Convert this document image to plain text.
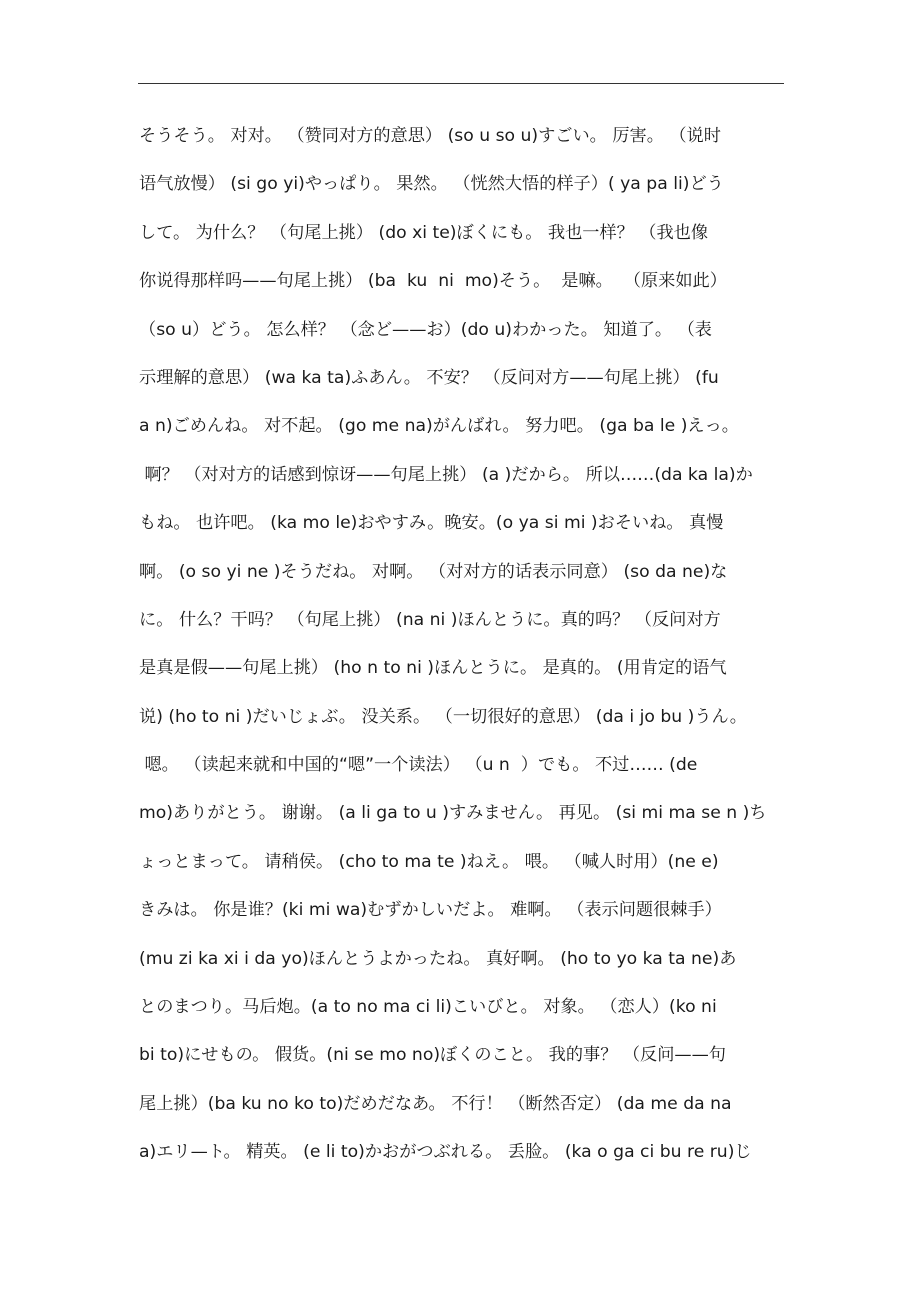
そうそう。 对对。 （赞同对方的意思） (so u so u)すごい。 厉害。 （说时
语气放慢） (si go yi)やっぱり。 果然。 （恍然大悟的样子）( ya pa li)どう
して。 为什么？ （句尾上挑） (do xi te)ぼくにも。 我也一样？ （我也像
你说得那样吗——句尾上挑） (ba  ku  ni  mo)そう。  是嘛。  （原来如此）
（so u）どう。 怎么样？ （念ど——お）(do u)わかった。 知道了。 （表
示理解的意思） (wa ka ta)ふあん。 不安？ （反问对方——句尾上挑） (fu
a n)ごめんね。 对不起。 (go me na)がんばれ。 努力吧。 (ga ba le )えっ。
啊？ （对对方的话感到惊讶——句尾上挑） (a )だから。 所以……(da ka la)か
もね。 也许吧。 (ka mo le)おやすみ。晚安。(o ya si mi )おそいね。 真慢
啊。 (o so yi ne )そうだね。 对啊。 （对对方的话表示同意） (so da ne)な
に。 什么？干吗？ （句尾上挑） (na ni )ほんとうに。真的吗？ （反问对方
是真是假——句尾上挑） (ho n to ni )ほんとうに。 是真的。 (用肯定的语气
说) (ho to ni )だいじょぶ。 没关系。 （一切很好的意思） (da i jo bu )うん。
嗯。 （读起来就和中国的“嗯”一个读法） （u n  ）でも。 不过…… (de
mo)ありがとう。 谢谢。 (a li ga to u )すみません。 再见。 (si mi ma se n )ち
ょっとまって。 请稍侯。 (cho to ma te )ねえ。 喂。 （喊人时用）(ne e)
きみは。 你是谁？(ki mi wa)むずかしいだよ。 难啊。 （表示问题很棘手）
(mu zi ka xi i da yo)ほんとうよかったね。 真好啊。 (ho to yo ka ta ne)あ
とのまつり。马后炮。(a to no ma ci li)こいびと。 对象。 （恋人）(ko ni
bi to)にせもの。 假货。(ni se mo no)ぼくのこと。 我的事？ （反问——句
尾上挑）(ba ku no ko to)だめだなあ。 不行！ （断然否定） (da me da na
a)エリ—ト。 精英。 (e li to)かおがつぶれる。 丢脸。 (ka o ga ci bu re ru)じ
